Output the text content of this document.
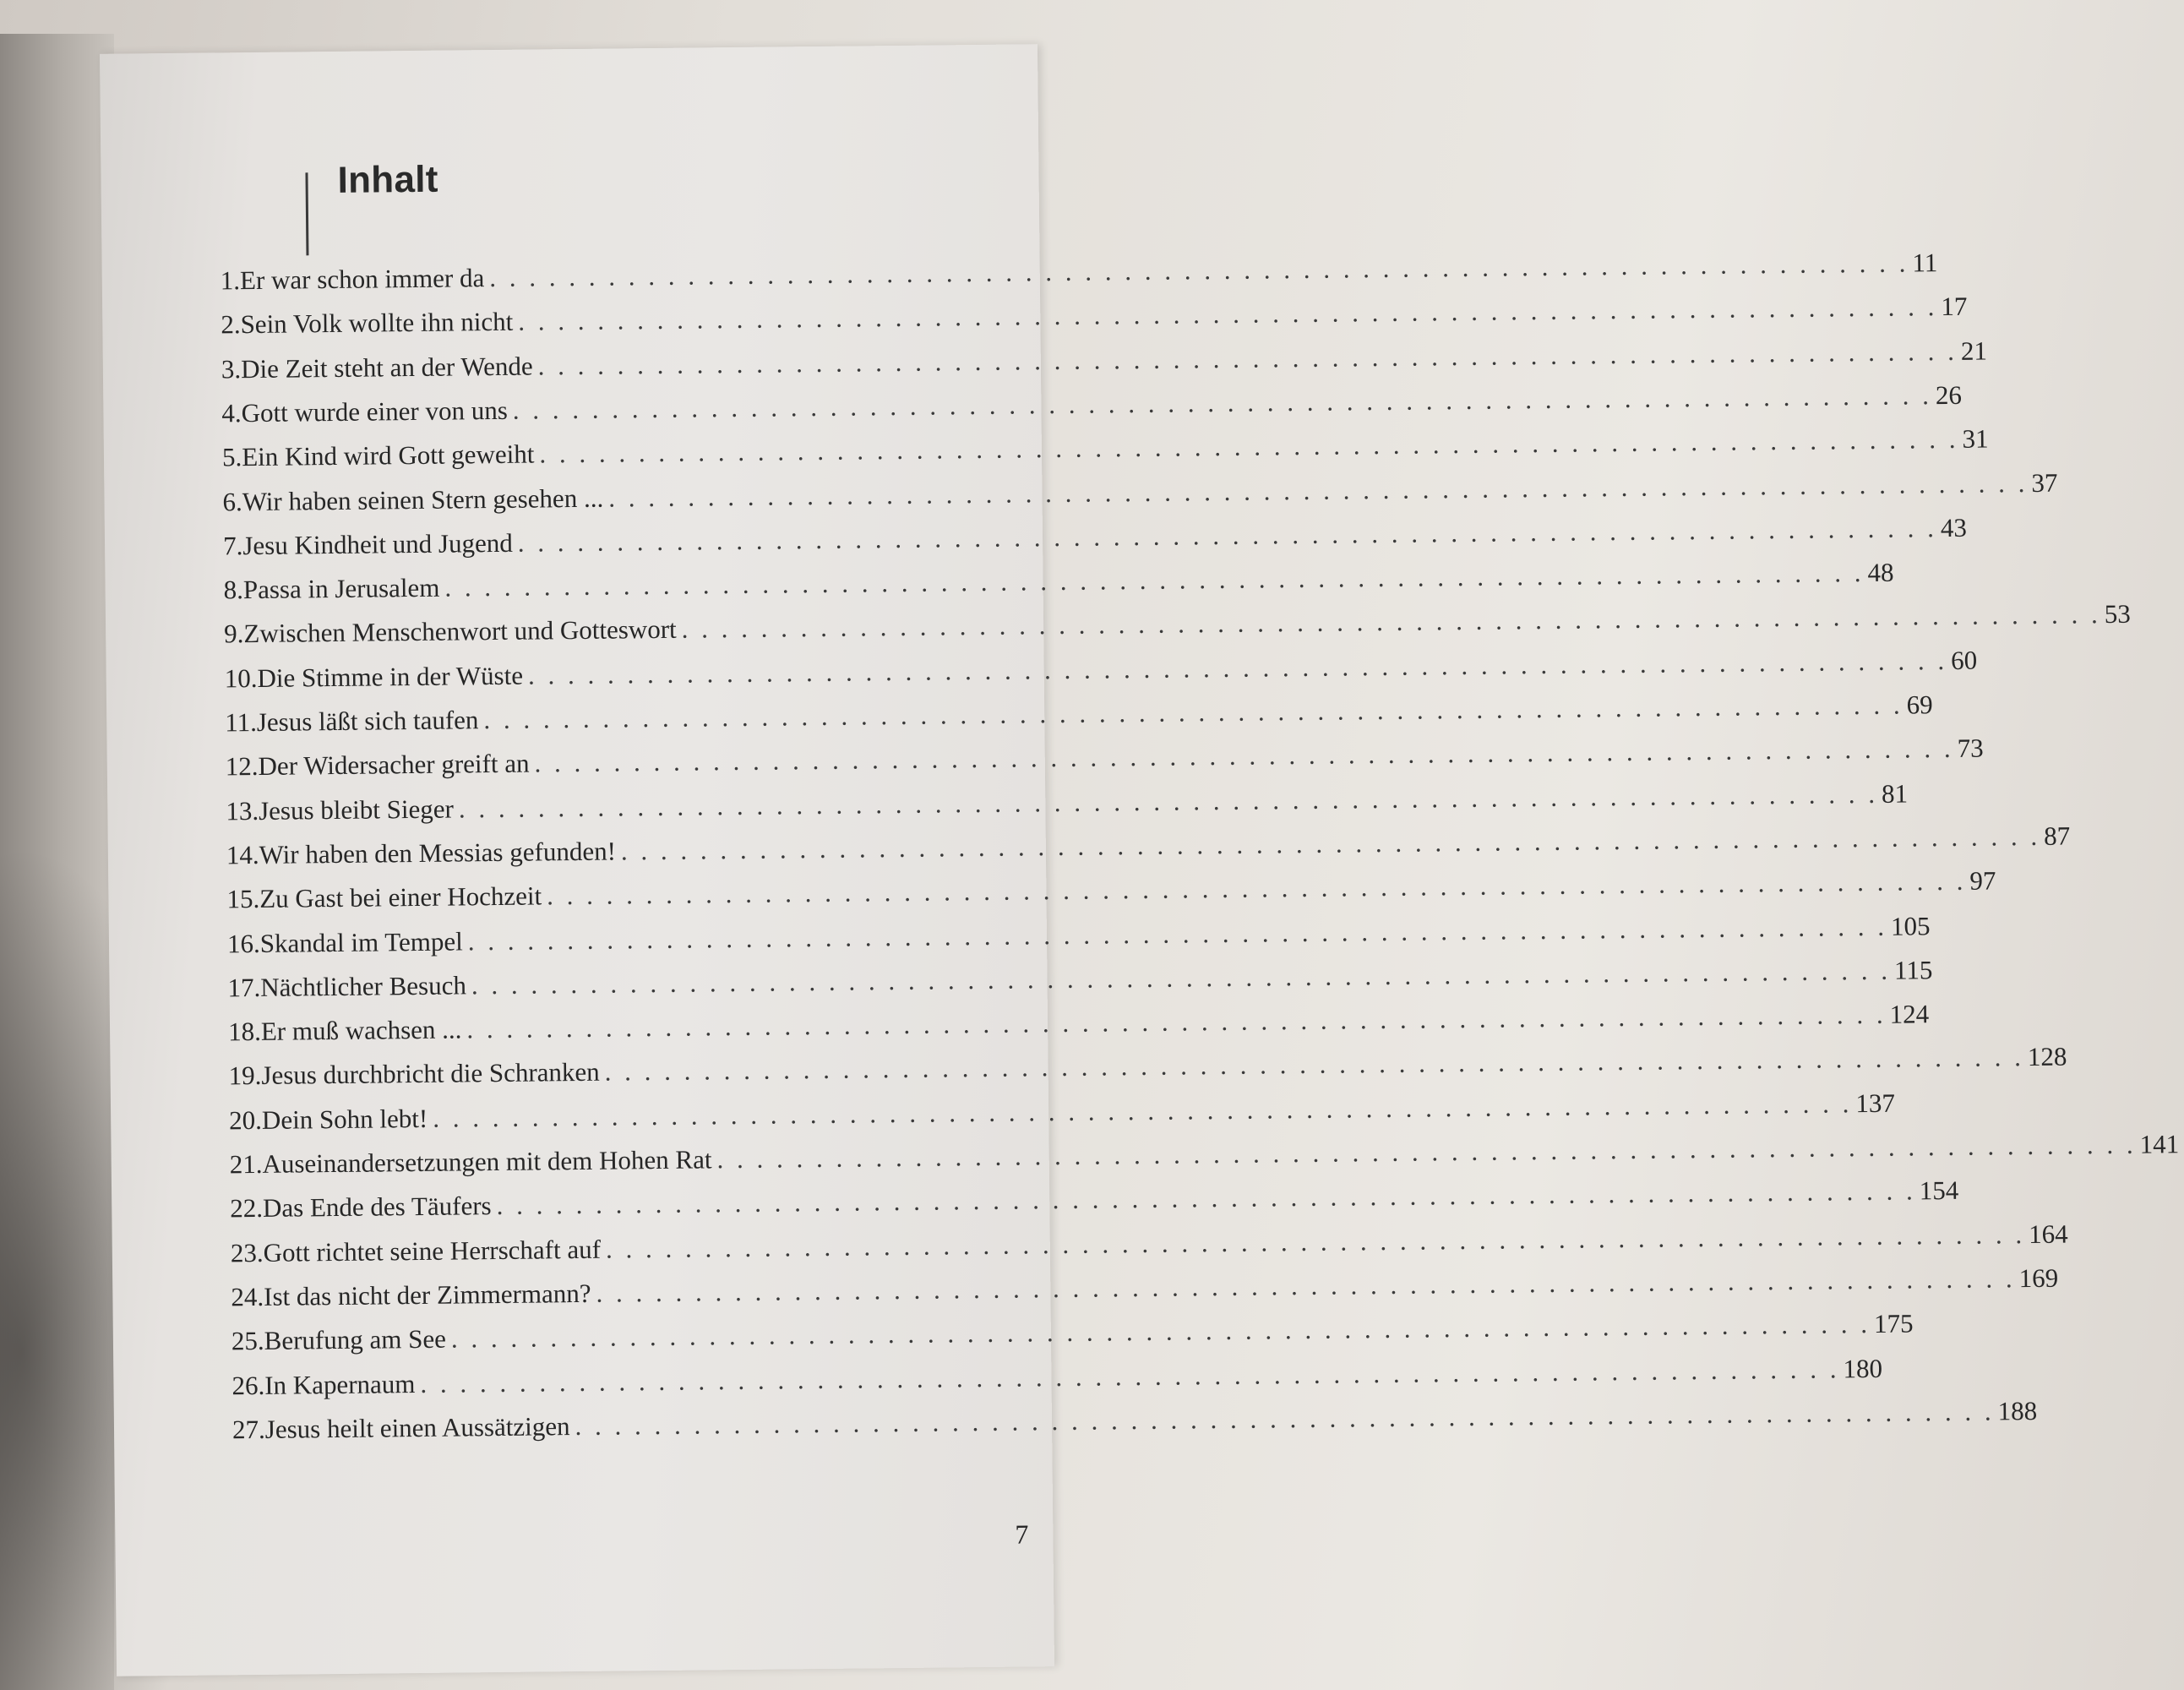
Inhalt
1. Er war schon immer da . . . . . . . . . . . . . . . . . . . . . . . . . . . . . . . . . . . . . . . . . . . . . . . . . . . . . . . . . . . . . . . . . . . . . . . . 11
2. Sein Volk wollte ihn nicht . . . . . . . . . . . . . . . . . . . . . . . . . . . . . . . . . . . . . . . . . . . . . . . . . . . . . . . . . . . . . . . . . . . . . . . . 17
3. Die Zeit steht an der Wende . . . . . . . . . . . . . . . . . . . . . . . . . . . . . . . . . . . . . . . . . . . . . . . . . . . . . . . . . . . . . . . . . . . . . . . . 21
4. Gott wurde einer von uns . . . . . . . . . . . . . . . . . . . . . . . . . . . . . . . . . . . . . . . . . . . . . . . . . . . . . . . . . . . . . . . . . . . . . . . . 26
5. Ein Kind wird Gott geweiht . . . . . . . . . . . . . . . . . . . . . . . . . . . . . . . . . . . . . . . . . . . . . . . . . . . . . . . . . . . . . . . . . . . . . . . . 31
6. Wir haben seinen Stern gesehen ... . . . . . . . . . . . . . . . . . . . . . . . . . . . . . . . . . . . . . . . . . . . . . . . . . . . . . . . . . . . . . . . . . . . . . . . . 37
7. Jesu Kindheit und Jugend . . . . . . . . . . . . . . . . . . . . . . . . . . . . . . . . . . . . . . . . . . . . . . . . . . . . . . . . . . . . . . . . . . . . . . . . 43
8. Passa in Jerusalem . . . . . . . . . . . . . . . . . . . . . . . . . . . . . . . . . . . . . . . . . . . . . . . . . . . . . . . . . . . . . . . . . . . . . . . . 48
9. Zwischen Menschenwort und Gotteswort . . . . . . . . . . . . . . . . . . . . . . . . . . . . . . . . . . . . . . . . . . . . . . . . . . . . . . . . . . . . . . . . . . . . . . . . 53
10. Die Stimme in der Wüste . . . . . . . . . . . . . . . . . . . . . . . . . . . . . . . . . . . . . . . . . . . . . . . . . . . . . . . . . . . . . . . . . . . . . . . . 60
11. Jesus läßt sich taufen . . . . . . . . . . . . . . . . . . . . . . . . . . . . . . . . . . . . . . . . . . . . . . . . . . . . . . . . . . . . . . . . . . . . . . . . 69
12. Der Widersacher greift an . . . . . . . . . . . . . . . . . . . . . . . . . . . . . . . . . . . . . . . . . . . . . . . . . . . . . . . . . . . . . . . . . . . . . . . . 73
13. Jesus bleibt Sieger . . . . . . . . . . . . . . . . . . . . . . . . . . . . . . . . . . . . . . . . . . . . . . . . . . . . . . . . . . . . . . . . . . . . . . . . 81
14. Wir haben den Messias gefunden! . . . . . . . . . . . . . . . . . . . . . . . . . . . . . . . . . . . . . . . . . . . . . . . . . . . . . . . . . . . . . . . . . . . . . . . . 87
15. Zu Gast bei einer Hochzeit . . . . . . . . . . . . . . . . . . . . . . . . . . . . . . . . . . . . . . . . . . . . . . . . . . . . . . . . . . . . . . . . . . . . . . . . 97
16. Skandal im Tempel . . . . . . . . . . . . . . . . . . . . . . . . . . . . . . . . . . . . . . . . . . . . . . . . . . . . . . . . . . . . . . . . . . . . . . . . 105
17. Nächtlicher Besuch . . . . . . . . . . . . . . . . . . . . . . . . . . . . . . . . . . . . . . . . . . . . . . . . . . . . . . . . . . . . . . . . . . . . . . . . 115
18. Er muß wachsen ... . . . . . . . . . . . . . . . . . . . . . . . . . . . . . . . . . . . . . . . . . . . . . . . . . . . . . . . . . . . . . . . . . . . . . . . . 124
19. Jesus durchbricht die Schranken . . . . . . . . . . . . . . . . . . . . . . . . . . . . . . . . . . . . . . . . . . . . . . . . . . . . . . . . . . . . . . . . . . . . . . . . 128
20. Dein Sohn lebt! . . . . . . . . . . . . . . . . . . . . . . . . . . . . . . . . . . . . . . . . . . . . . . . . . . . . . . . . . . . . . . . . . . . . . . . . 137
21. Auseinandersetzungen mit dem Hohen Rat . . . . . . . . . . . . . . . . . . . . . . . . . . . . . . . . . . . . . . . . . . . . . . . . . . . . . . . . . . . . . . . . . . . . . . . . 141
22. Das Ende des Täufers . . . . . . . . . . . . . . . . . . . . . . . . . . . . . . . . . . . . . . . . . . . . . . . . . . . . . . . . . . . . . . . . . . . . . . . . 154
23. Gott richtet seine Herrschaft auf . . . . . . . . . . . . . . . . . . . . . . . . . . . . . . . . . . . . . . . . . . . . . . . . . . . . . . . . . . . . . . . . . . . . . . . . 164
24. Ist das nicht der Zimmermann? . . . . . . . . . . . . . . . . . . . . . . . . . . . . . . . . . . . . . . . . . . . . . . . . . . . . . . . . . . . . . . . . . . . . . . . . 169
25. Berufung am See . . . . . . . . . . . . . . . . . . . . . . . . . . . . . . . . . . . . . . . . . . . . . . . . . . . . . . . . . . . . . . . . . . . . . . . . 175
26. In Kapernaum . . . . . . . . . . . . . . . . . . . . . . . . . . . . . . . . . . . . . . . . . . . . . . . . . . . . . . . . . . . . . . . . . . . . . . . . 180
27. Jesus heilt einen Aussätzigen . . . . . . . . . . . . . . . . . . . . . . . . . . . . . . . . . . . . . . . . . . . . . . . . . . . . . . . . . . . . . . . . . . . . . . . . 188
7
